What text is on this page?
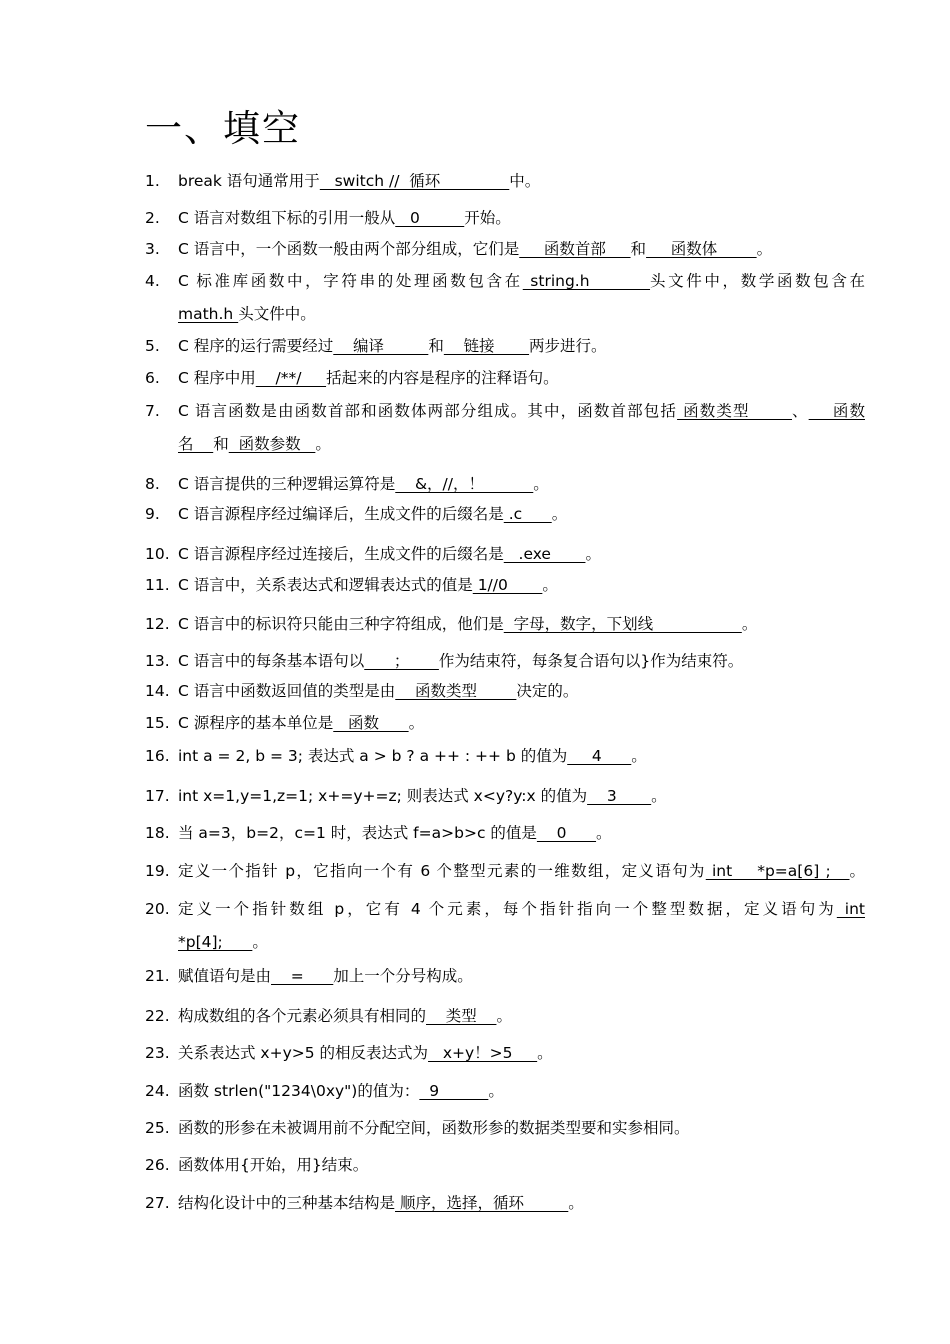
一、填空
1.	break 语句通常用于   switch //  循环              中。
2.	C 语言对数组下标的引用一般从   0         开始。
3.	C 语言中，一个函数一般由两个部分组成，它们是     函数首部     和     函数体        。
4.	C 标准库函数中，字符串的处理函数包含在 string.h        头文件中，数学函数包含在
math.h 头文件中。
5.	C 程序的运行需要经过    编译         和    链接       两步进行。
6.	C 程序中用    /**/     括起来的内容是程序的注释语句。
7.	C 语言函数是由函数首部和函数体两部分组成。其中，函数首部包括 函数类型       、    函数
名    和  函数参数   。
8.	C 语言提供的三种逻辑运算符是    &，//，！          。
9.	C 语言源程序经过编译后，生成文件的后缀名是 .c      。
10. C 语言源程序经过连接后，生成文件的后缀名是   .exe       。
11. C 语言中，关系表达式和逻辑表达式的值是 1//0       。
12. C 语言中的标识符只能由三种字符组成，他们是  字母，数字，下划线                  。
13. C 语言中的每条基本语句以      ；      作为结束符，每条复合语句以}作为结束符。
14. C 语言中函数返回值的类型是由    函数类型        决定的。
15. C 源程序的基本单位是   函数      。
16. int a = 2, b = 3; 表达式 a > b ? a ++ : ++ b 的值为     4      。
17. int x=1,y=1,z=1; x+=y+=z; 则表达式 x<y?y:x 的值为    3       。
18. 当 a=3，b=2，c=1 时，表达式 f=a>b>c 的值是    0      。
19. 定义一个指针 p，它指向一个有 6 个整型元素的一维数组，定义语句为 int    *p=a[6] ;   。
20. 定义一个指针数组 p，它有 4 个元素，每个指针指向一个整型数据，定义语句为 int
*p[4];      。
21. 赋值语句是由    =      加上一个分号构成。
22. 构成数组的各个元素必须具有相同的    类型    。
23. 关系表达式 x+y>5 的相反表达式为   x+y！>5     。
24. 函数 strlen("1234\0xy")的值为：  9          。
25. 函数的形参在未被调用前不分配空间，函数形参的数据类型要和实参相同。
26. 函数体用{开始，用}结束。
27. 结构化设计中的三种基本结构是 顺序，选择，循环         。
